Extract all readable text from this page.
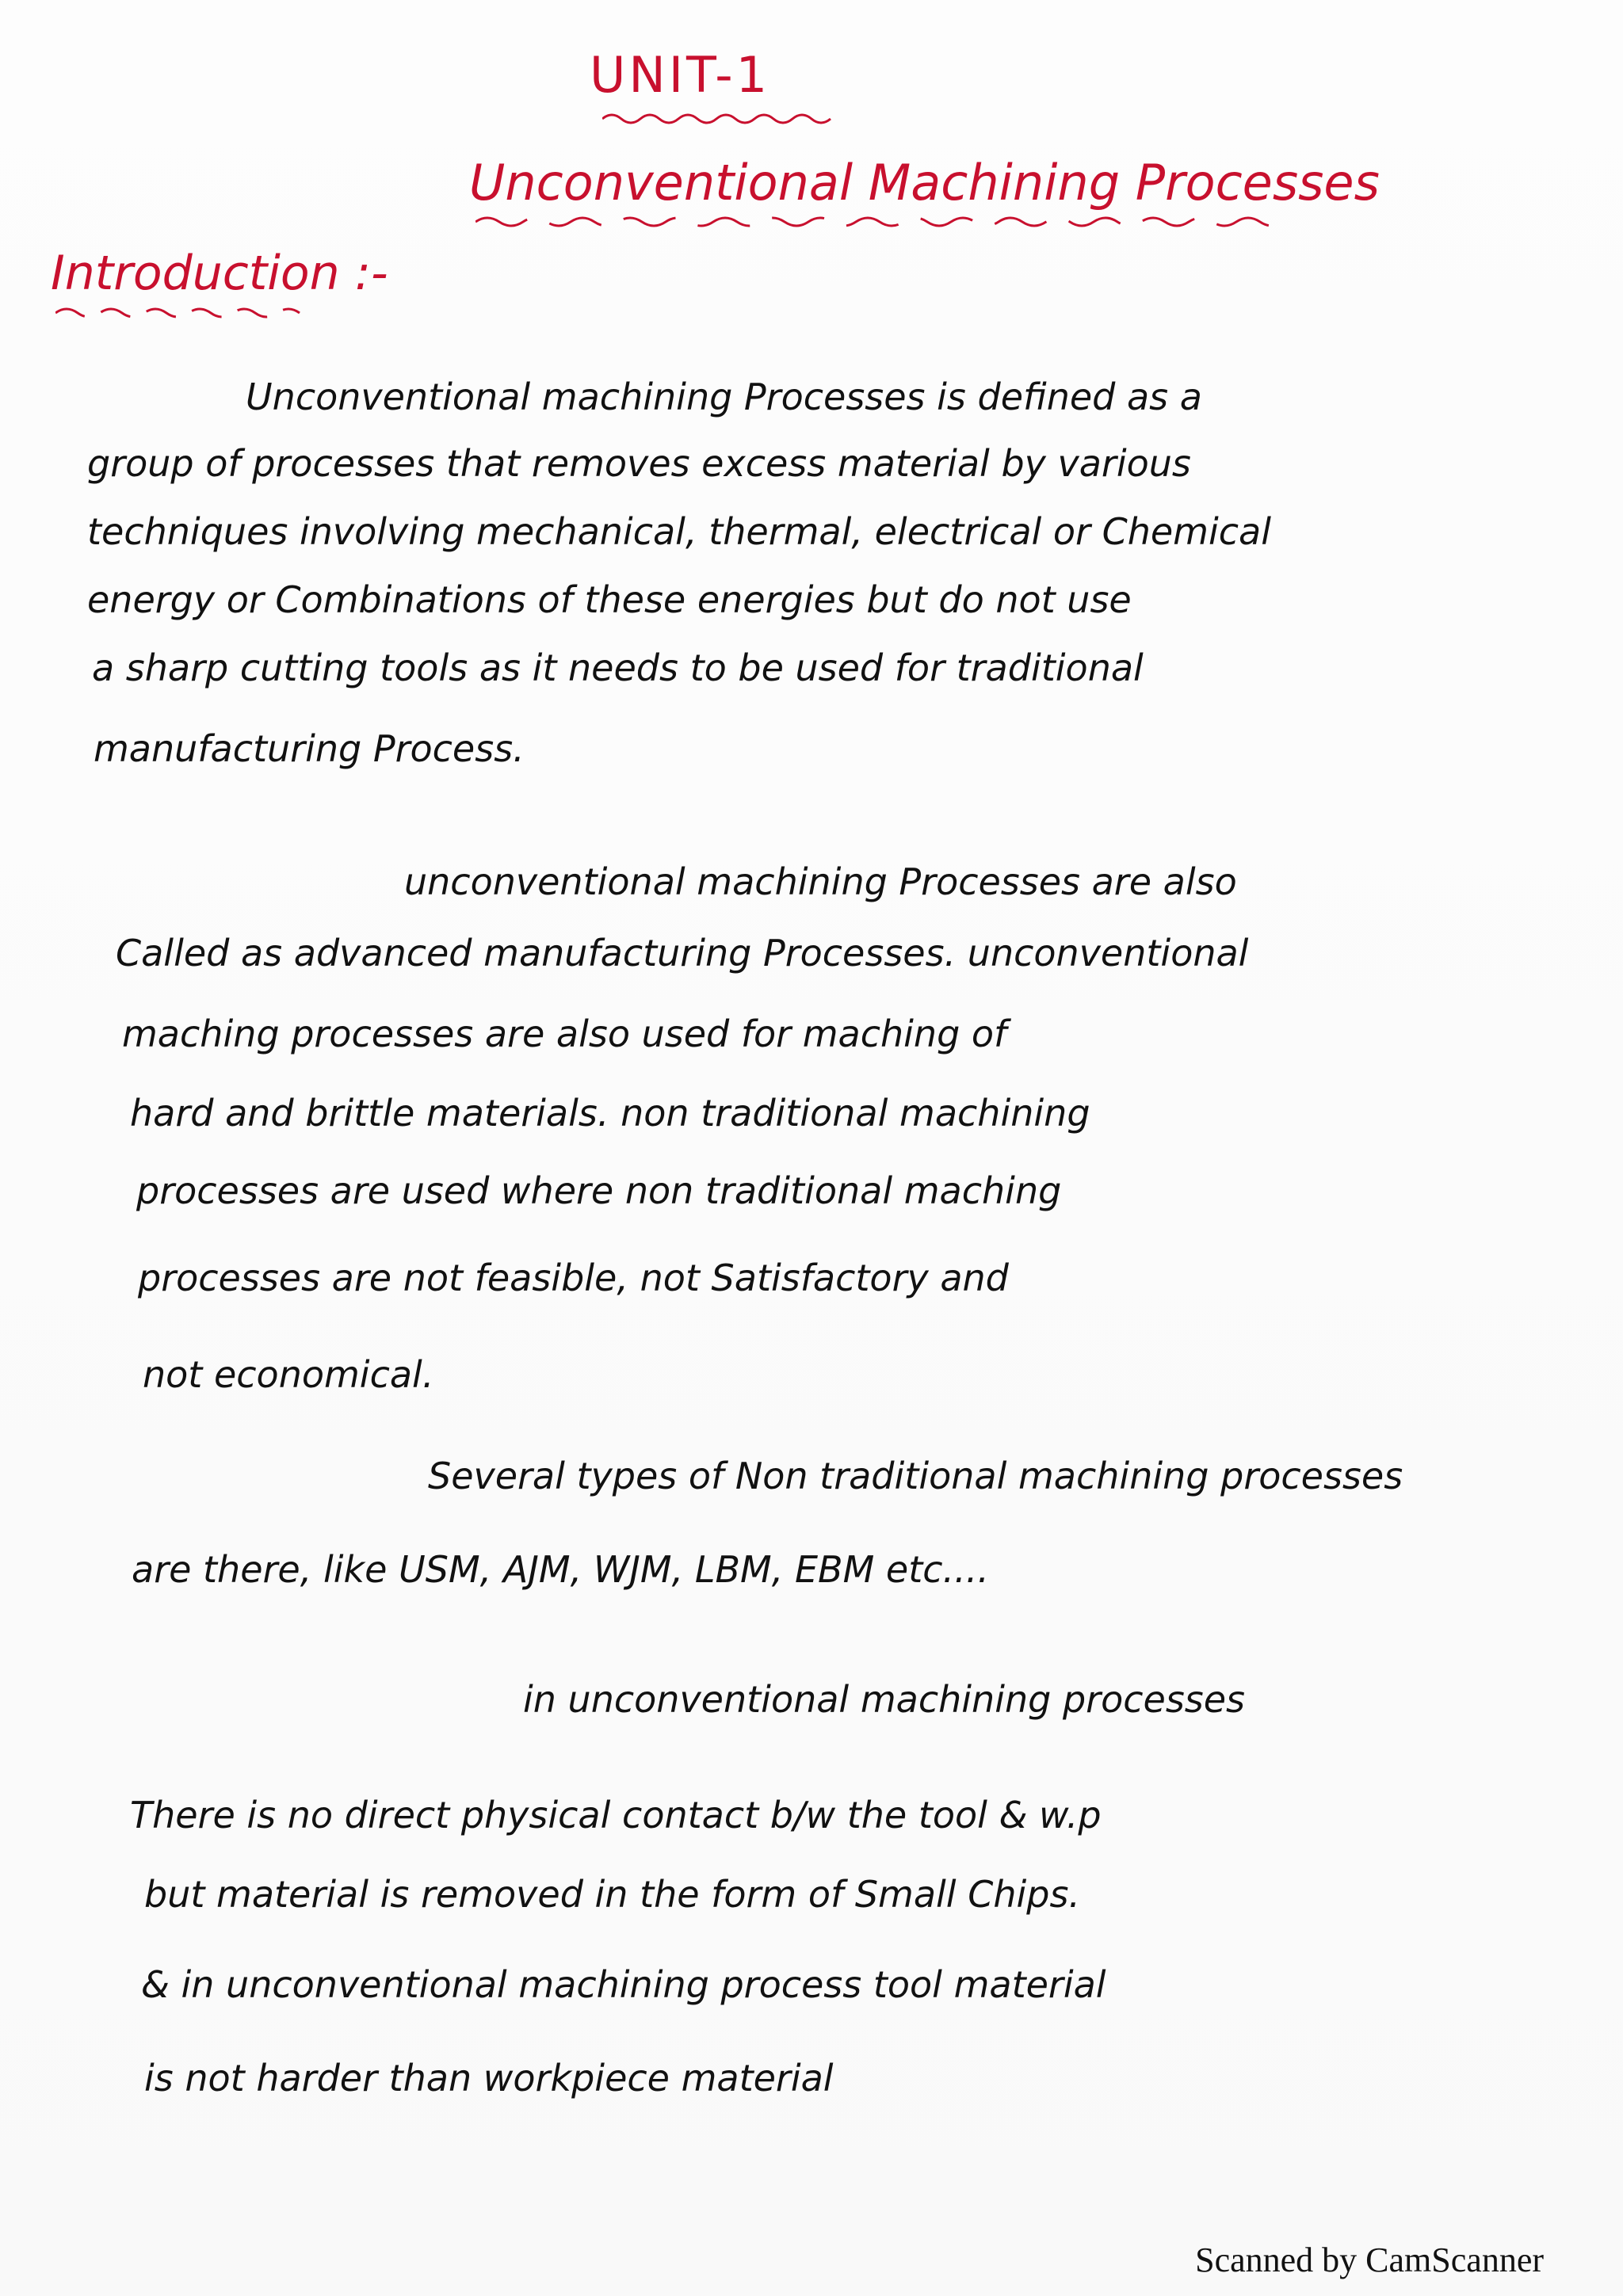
UNIT-1
Unconventional Machining Processes
Introduction :-
Unconventional machining Processes is defined as a
group of processes that removes excess material by various
techniques involving mechanical, thermal, electrical or Chemical
energy or Combinations of these energies but do not use
a sharp cutting tools as it needs to be used for traditional
manufacturing Process.
unconventional machining Processes are also
Called as advanced manufacturing Processes. unconventional
maching processes are also used for maching of
hard and brittle materials. non traditional machining
processes are used where non traditional maching
processes are not feasible, not Satisfactory and
not economical.
Several types of Non traditional machining processes
are there, like USM, AJM, WJM, LBM, EBM etc....
in unconventional machining processes
There is no direct physical contact b/w the tool & w.p
but material is removed in the form of Small Chips.
& in unconventional machining process tool material
is not harder than workpiece material
Scanned by CamScanner
